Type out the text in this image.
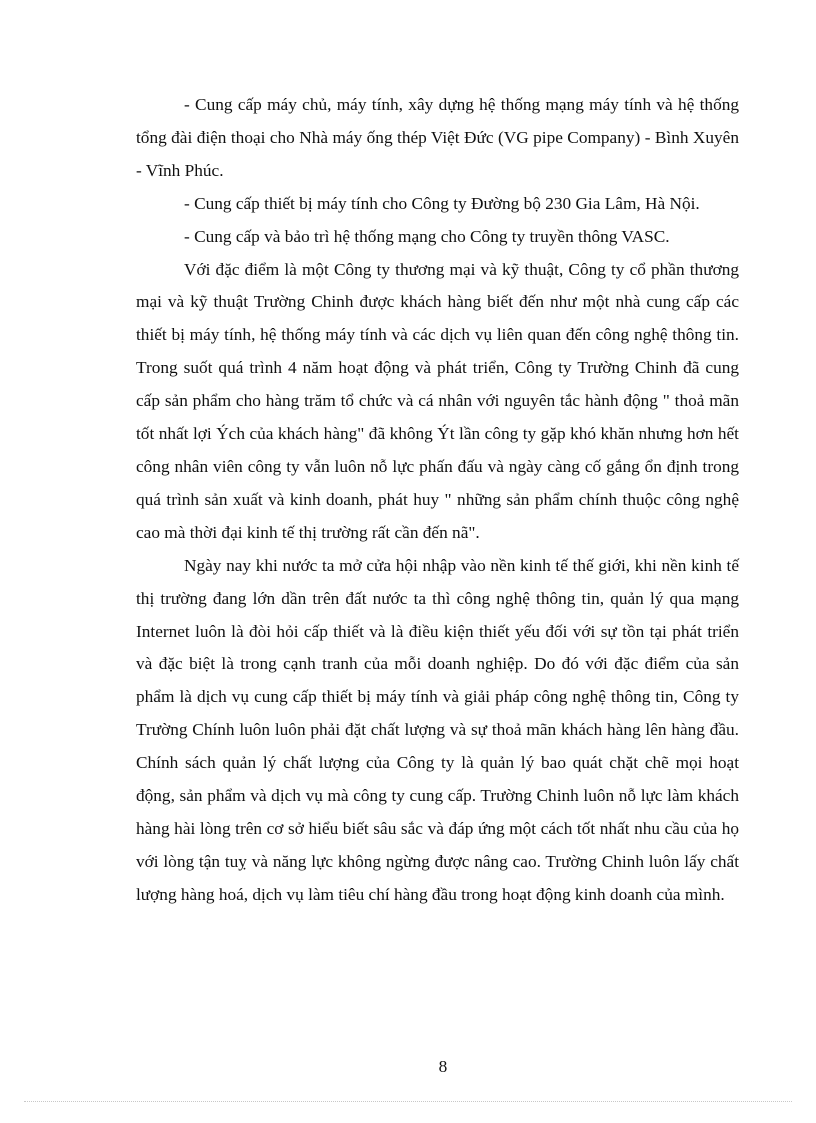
- Cung cấp máy chủ, máy tính, xây dựng hệ thống mạng máy tính và hệ thống tổng đài điện thoại cho Nhà máy ống thép Việt Đức (VG pipe Company) - Bình Xuyên - Vĩnh Phúc.

- Cung cấp thiết bị máy tính cho Công ty Đường bộ 230 Gia Lâm, Hà Nội.

- Cung cấp và bảo trì hệ thống mạng cho Công ty truyền thông VASC.

Với đặc điểm là một Công ty thương mại và kỹ thuật, Công ty cổ phần thương mại và kỹ thuật Trường Chinh được khách hàng biết đến như một nhà cung cấp các thiết bị máy tính, hệ thống máy tính và các dịch vụ liên quan đến công nghệ thông tin. Trong suốt quá trình 4 năm hoạt động và phát triển, Công ty Trường Chinh đã cung cấp sản phẩm cho hàng trăm tổ chức và cá nhân với nguyên tắc hành động " thoả mãn tốt nhất lợi Ých của khách hàng" đã không Ýt lần công ty gặp khó khăn nhưng hơn hết công nhân viên công ty vẫn luôn nỗ lực phấn đấu và ngày càng cố gắng ổn định trong quá trình sản xuất và kinh doanh, phát huy " những sản phẩm chính thuộc công nghệ cao mà thời đại kinh tế thị trường rất cần đến nã".

Ngày nay khi nước ta mở cửa hội nhập vào nền kinh tế thế giới, khi nền kinh tế thị trường đang lớn dần trên đất nước ta thì công nghệ thông tin, quản lý qua mạng Internet luôn là đòi hỏi cấp thiết và là điều kiện thiết yếu đối với sự tồn tại phát triển và đặc biệt là trong cạnh tranh của mỗi doanh nghiệp. Do đó với đặc điểm của sản phẩm là dịch vụ cung cấp thiết bị máy tính và giải pháp công nghệ thông tin, Công ty Trường Chính luôn luôn phải đặt chất lượng và sự thoả mãn khách hàng lên hàng đầu. Chính sách quản lý chất lượng của Công ty là quản lý bao quát chặt chẽ mọi hoạt động, sản phẩm và dịch vụ mà công ty cung cấp. Trường Chinh luôn nỗ lực làm khách hàng hài lòng trên cơ sở hiểu biết sâu sắc và đáp ứng một cách tốt nhất nhu cầu của họ với lòng tận tuỵ và năng lực không ngừng được nâng cao. Trường Chinh luôn lấy chất lượng hàng hoá, dịch vụ làm tiêu chí hàng đầu trong hoạt động kinh doanh của mình.

8
